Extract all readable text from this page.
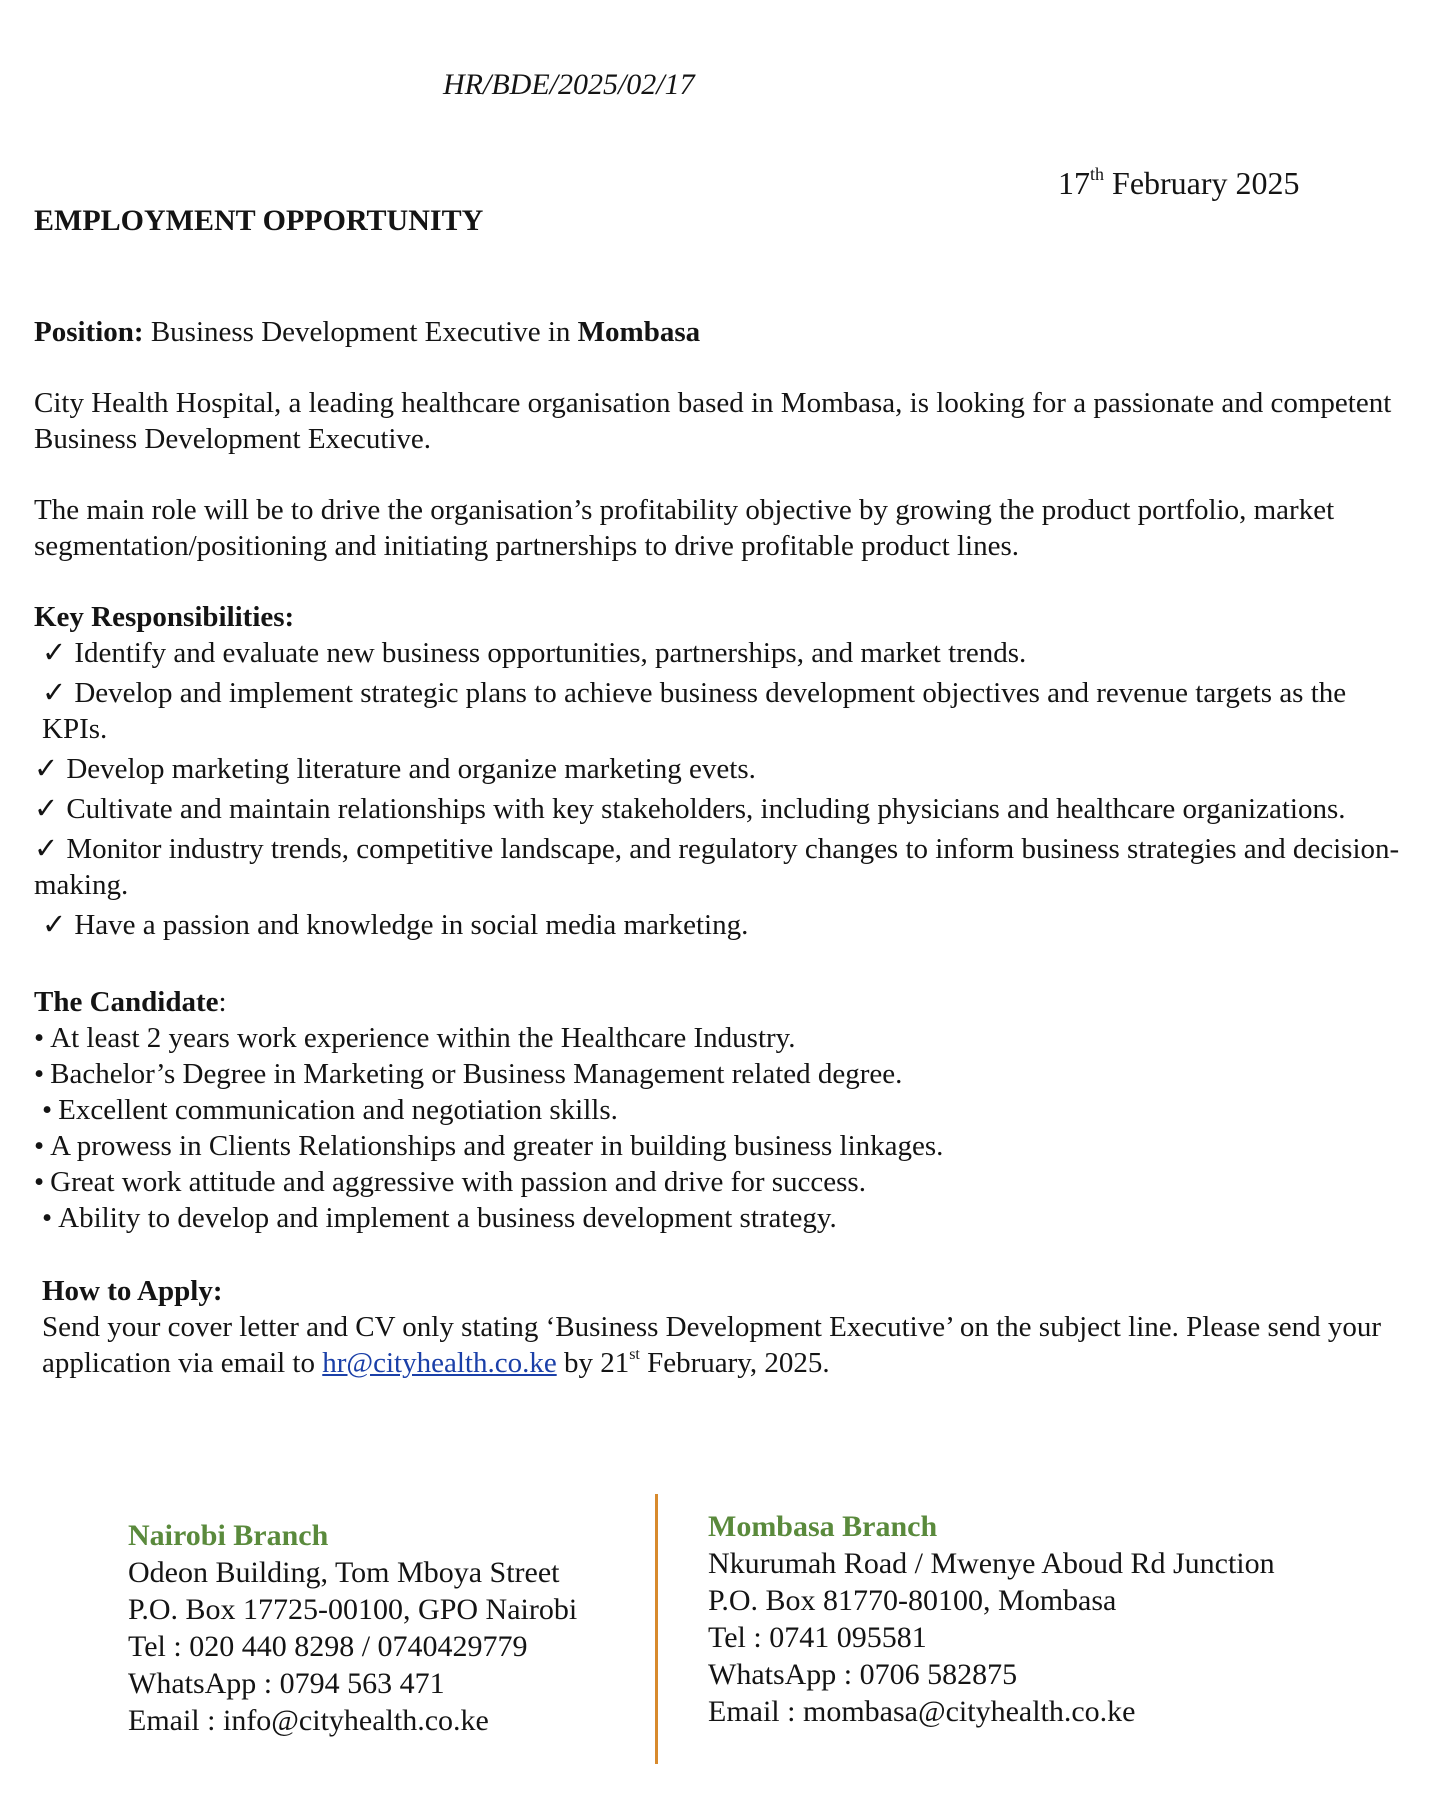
HR/BDE/2025/02/17
17th February 2025
EMPLOYMENT OPPORTUNITY

Position: Business Development Executive in Mombasa

City Health Hospital, a leading healthcare organisation based in Mombasa, is looking for a passionate and competent Business Development Executive.

The main role will be to drive the organisation’s profitability objective by growing the product portfolio, market segmentation/positioning and initiating partnerships to drive profitable product lines.

Key Responsibilities:

✓ Identify and evaluate new business opportunities, partnerships, and market trends.
✓ Develop and implement strategic plans to achieve business development objectives and revenue targets as the KPIs.
✓ Develop marketing literature and organize marketing evets.
✓ Cultivate and maintain relationships with key stakeholders, including physicians and healthcare organizations.
✓ Monitor industry trends, competitive landscape, and regulatory changes to inform business strategies and decision-making.
✓ Have a passion and knowledge in social media marketing.

The Candidate:

• At least 2 years work experience within the Healthcare Industry.
• Bachelor’s Degree in Marketing or Business Management related degree.
• Excellent communication and negotiation skills.
• A prowess in Clients Relationships and greater in building business linkages.
• Great work attitude and aggressive with passion and drive for success.
• Ability to develop and implement a business development strategy.

How to Apply:

Send your cover letter and CV only stating ‘Business Development Executive’ on the subject line. Please send your application via email to hr@cityhealth.co.ke by 21st February, 2025.

Nairobi Branch
Odeon Building, Tom Mboya Street
P.O. Box 17725-00100, GPO Nairobi
Tel : 020 440 8298 / 0740429779
WhatsApp : 0794 563 471
Email : info@cityhealth.co.ke
Mombasa Branch
Nkurumah Road / Mwenye Aboud Rd Junction
P.O. Box 81770-80100, Mombasa
Tel : 0741 095581
WhatsApp : 0706 582875
Email : mombasa@cityhealth.co.ke
